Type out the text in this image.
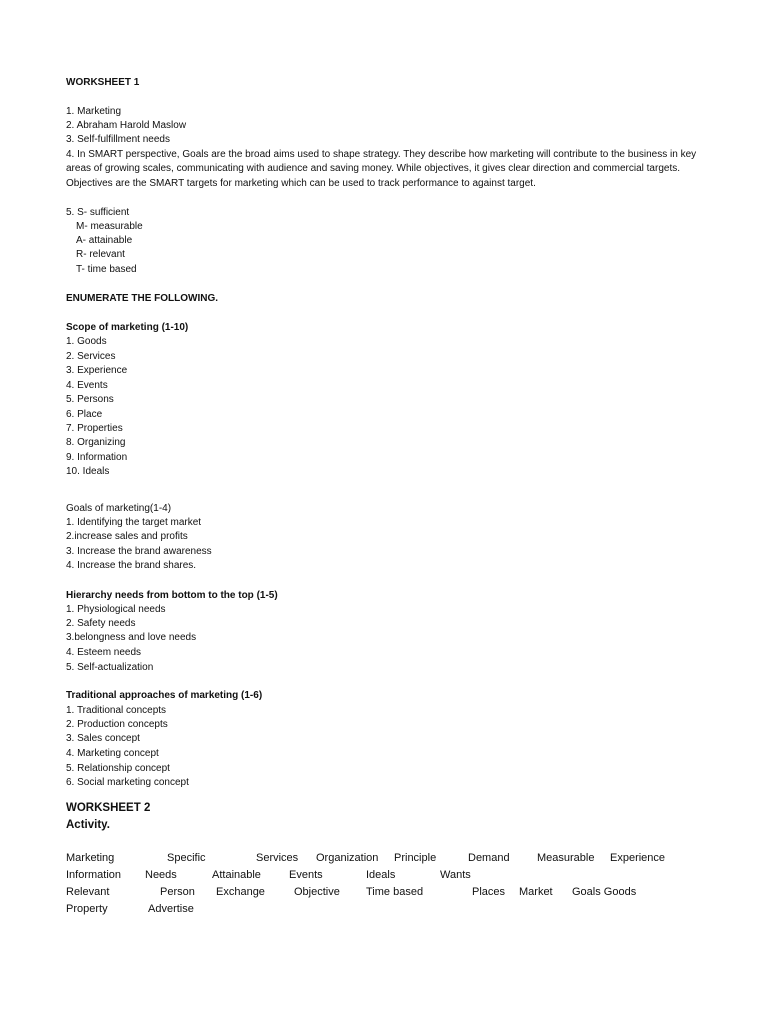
WORKSHEET 1
1. Marketing
2. Abraham Harold Maslow
3. Self-fulfillment needs
4. In SMART perspective, Goals are the broad aims used to shape strategy. They describe how marketing will contribute to the business in key areas of growing scales, communicating with audience and saving money. While objectives, it gives clear direction and commercial targets. Objectives are the SMART targets for marketing which can be used to track performance to against target.
5. S- sufficient
M- measurable
A- attainable
R- relevant
T- time based
ENUMERATE THE FOLLOWING.
Scope of marketing (1-10)
1. Goods
2. Services
3. Experience
4. Events
5. Persons
6. Place
7. Properties
8. Organizing
9. Information
10. Ideals
Goals of marketing(1-4)
1. Identifying the target market
2.increase sales and profits
3. Increase the brand awareness
4. Increase the brand shares.
Hierarchy needs from bottom to the top (1-5)
1. Physiological needs
2. Safety needs
3.belongness and love needs
4. Esteem needs
5. Self-actualization
Traditional approaches of marketing (1-6)
1. Traditional concepts
2. Production concepts
3. Sales concept
4. Marketing concept
5. Relationship concept
6. Social marketing concept
WORKSHEET 2
Activity.
Marketing	Specific	Services Organization Principle	Demand Measurable Experience
Information Needs	Attainable	Events	Ideals	Wants
Relevant	Person Exchange	Objective Time based	Places Market Goals Goods
Property	Advertise
